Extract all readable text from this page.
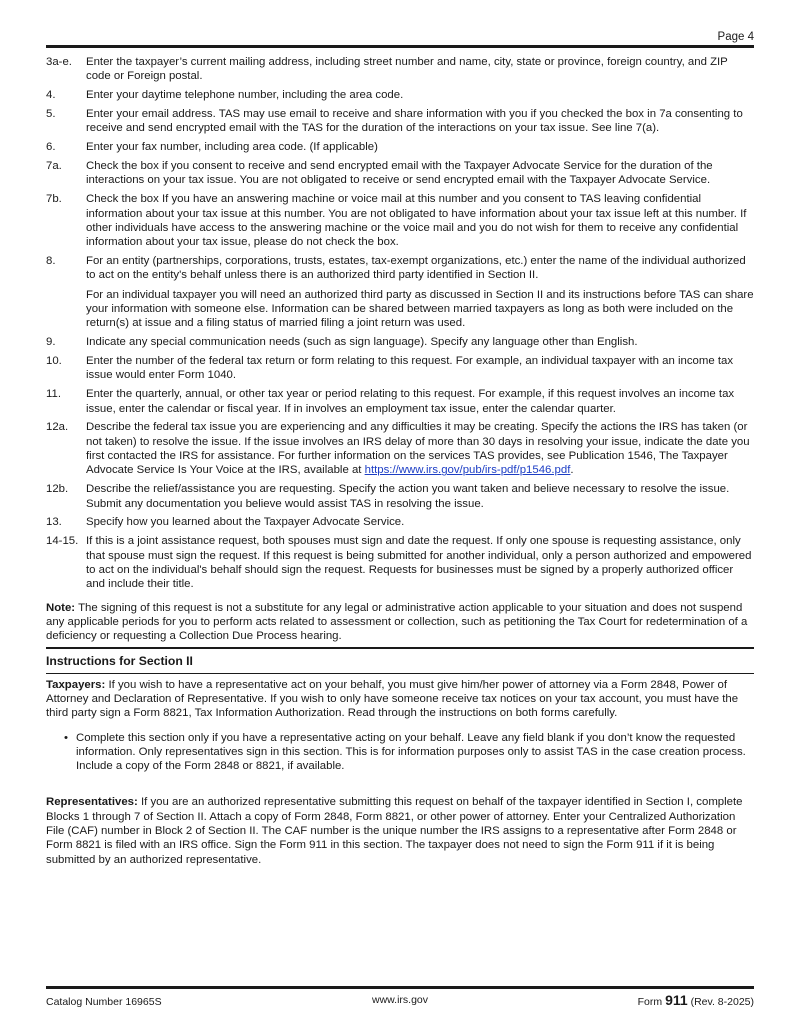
Page 4
3a-e.	Enter the taxpayer’s current mailing address, including street number and name, city, state or province, foreign country, and ZIP code or Foreign postal.
4.	Enter your daytime telephone number, including the area code.
5.	Enter your email address. TAS may use email to receive and share information with you if you checked the box in 7a consenting to receive and send encrypted email with the TAS for the duration of the interactions on your tax issue. See line 7(a).
6.	Enter your fax number, including area code. (If applicable)
7a.	Check the box if you consent to receive and send encrypted email with the Taxpayer Advocate Service for the duration of the interactions on your tax issue. You are not obligated to receive or send encrypted email with the Taxpayer Advocate Service.
7b.	Check the box If you have an answering machine or voice mail at this number and you consent to TAS leaving confidential information about your tax issue at this number. You are not obligated to have information about your tax issue left at this number. If other individuals have access to the answering machine or the voice mail and you do not wish for them to receive any confidential information about your tax issue, please do not check the box.
8.	For an entity (partnerships, corporations, trusts, estates, tax-exempt organizations, etc.) enter the name of the individual authorized to act on the entity's behalf unless there is an authorized third party identified in Section II.
For an individual taxpayer you will need an authorized third party as discussed in Section II and its instructions before TAS can share your information with someone else. Information can be shared between married taxpayers as long as both were included on the return(s) at issue and a filing status of married filing a joint return was used.
9.	Indicate any special communication needs (such as sign language). Specify any language other than English.
10.	Enter the number of the federal tax return or form relating to this request. For example, an individual taxpayer with an income tax issue would enter Form 1040.
11.	Enter the quarterly, annual, or other tax year or period relating to this request. For example, if this request involves an income tax issue, enter the calendar or fiscal year. If in involves an employment tax issue, enter the calendar quarter.
12a.	Describe the federal tax issue you are experiencing and any difficulties it may be creating. Specify the actions the IRS has taken (or not taken) to resolve the issue. If the issue involves an IRS delay of more than 30 days in resolving your issue, indicate the date you first contacted the IRS for assistance. For further information on the services TAS provides, see Publication 1546, The Taxpayer Advocate Service Is Your Voice at the IRS, available at https://www.irs.gov/pub/irs-pdf/p1546.pdf.
12b.	Describe the relief/assistance you are requesting. Specify the action you want taken and believe necessary to resolve the issue. Submit any documentation you believe would assist TAS in resolving the issue.
13.	Specify how you learned about the Taxpayer Advocate Service.
14-15. If this is a joint assistance request, both spouses must sign and date the request. If only one spouse is requesting assistance, only that spouse must sign the request. If this request is being submitted for another individual, only a person authorized and empowered to act on the individual's behalf should sign the request. Requests for businesses must be signed by a properly authorized officer and include their title.
Note: The signing of this request is not a substitute for any legal or administrative action applicable to your situation and does not suspend any applicable periods for you to perform acts related to assessment or collection, such as petitioning the Tax Court for redetermination of a deficiency or requesting a Collection Due Process hearing.
Instructions for Section II
Taxpayers: If you wish to have a representative act on your behalf, you must give him/her power of attorney via a Form 2848, Power of Attorney and Declaration of Representative. If you wish to only have someone receive tax notices on your tax account, you must have the third party sign a Form 8821, Tax Information Authorization. Read through the instructions on both forms carefully.
• Complete this section only if you have a representative acting on your behalf. Leave any field blank if you don’t know the requested information. Only representatives sign in this section. This is for information purposes only to assist TAS in the case creation process. Include a copy of the Form 2848 or 8821, if available.
Representatives: If you are an authorized representative submitting this request on behalf of the taxpayer identified in Section I, complete Blocks 1 through 7 of Section II. Attach a copy of Form 2848, Form 8821, or other power of attorney. Enter your Centralized Authorization File (CAF) number in Block 2 of Section II. The CAF number is the unique number the IRS assigns to a representative after Form 2848 or Form 8821 is filed with an IRS office. Sign the Form 911 in this section. The taxpayer does not need to sign the Form 911 if it is being submitted by an authorized representative.
Catalog Number 16965S	www.irs.gov	Form 911 (Rev. 8-2025)
